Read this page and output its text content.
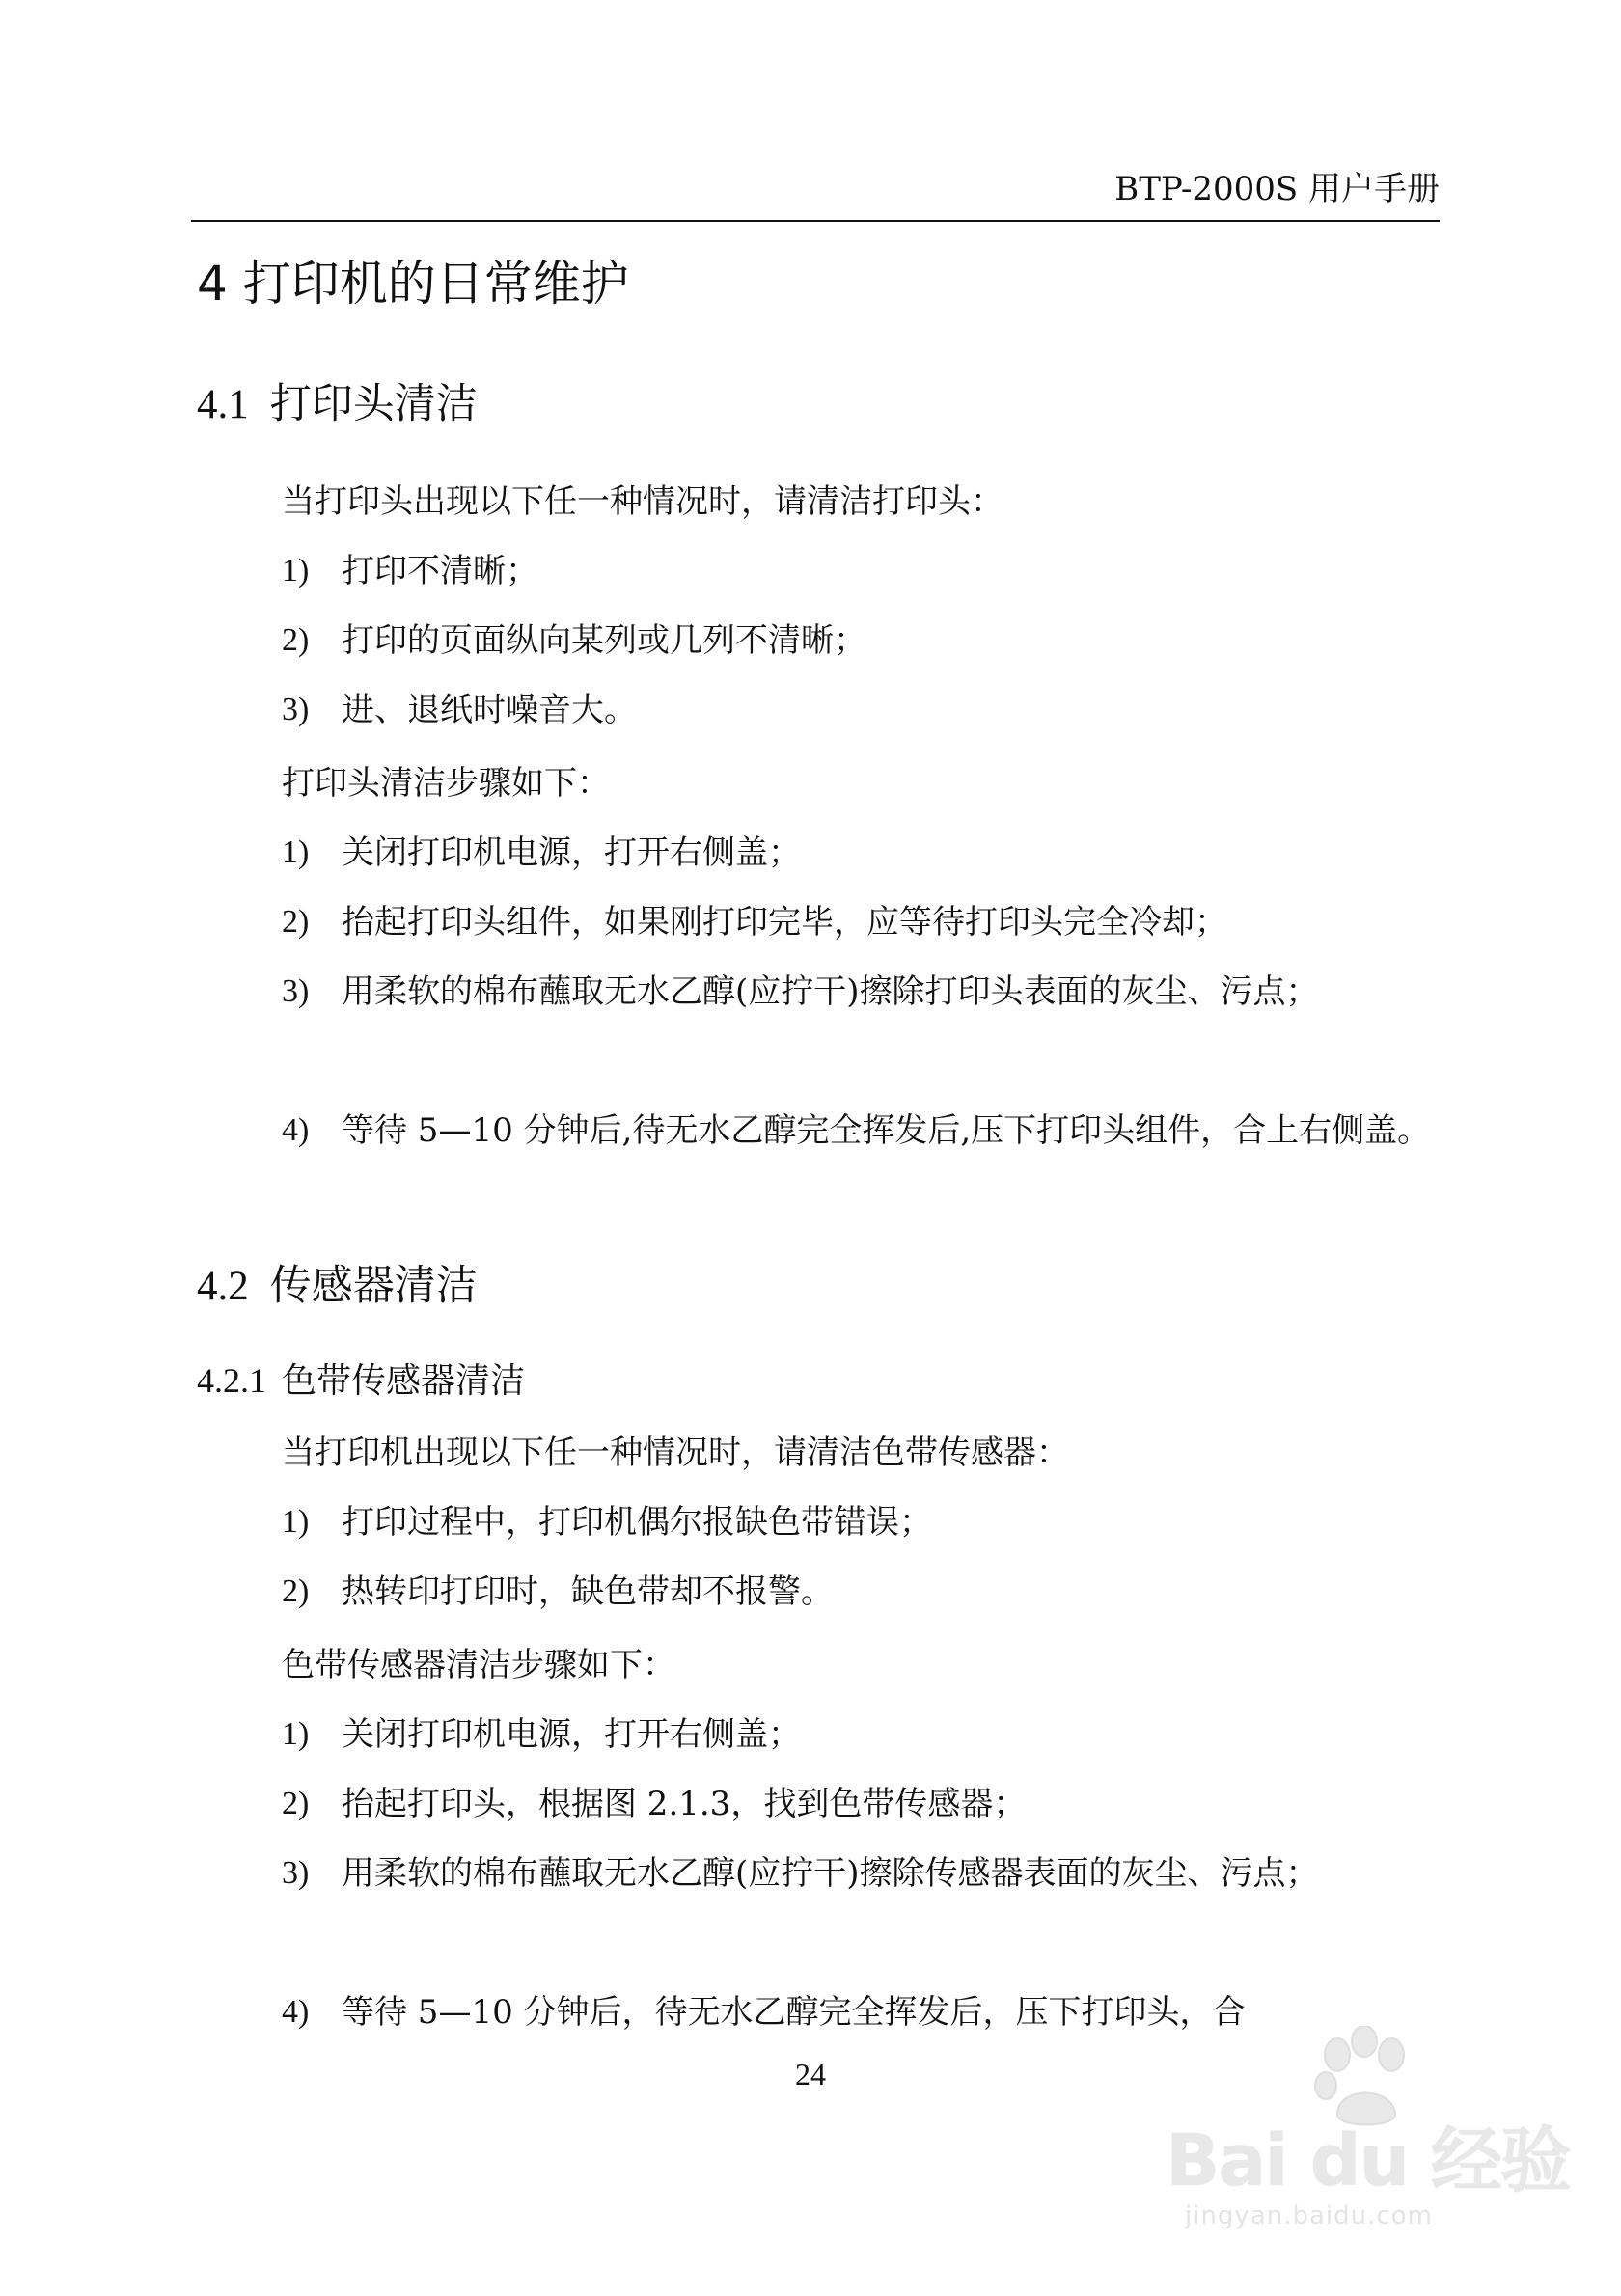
BTP-2000S 用户手册
4 打印机的日常维护
4.1 打印头清洁
当打印头出现以下任一种情况时，请清洁打印头：
1) 打印不清晰；
2) 打印的页面纵向某列或几列不清晰；
3) 进、退纸时噪音大。
打印头清洁步骤如下：
1) 关闭打印机电源，打开右侧盖；
2) 抬起打印头组件，如果刚打印完毕，应等待打印头完全冷却；
3) 用柔软的棉布蘸取无水乙醇(应拧干)擦除打印头表面的灰尘、污点；
4) 等待 5—10 分钟后,待无水乙醇完全挥发后,压下打印头组件，合上右侧盖。
4.2 传感器清洁
4.2.1 色带传感器清洁
当打印机出现以下任一种情况时，请清洁色带传感器：
1) 打印过程中，打印机偶尔报缺色带错误；
2) 热转印打印时，缺色带却不报警。
色带传感器清洁步骤如下：
1) 关闭打印机电源，打开右侧盖；
2) 抬起打印头，根据图 2.1.3，找到色带传感器；
3) 用柔软的棉布蘸取无水乙醇(应拧干)擦除传感器表面的灰尘、污点；
4) 等待 5—10 分钟后，待无水乙醇完全挥发后，压下打印头，合
24
Bai du 经验
jingyan.baidu.com
